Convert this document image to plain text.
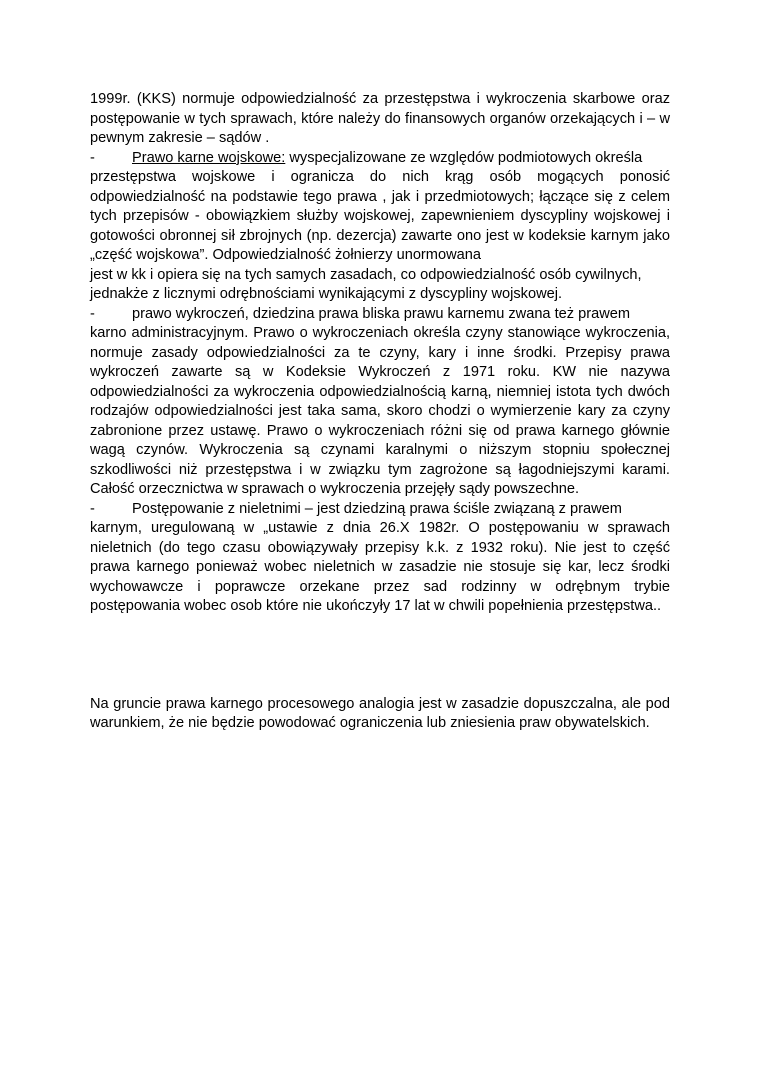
1999r. (KKS) normuje odpowiedzialność za przestępstwa i wykroczenia skarbowe oraz postępowanie w tych sprawach, które należy do finansowych organów orzekających i – w pewnym zakresie – sądów .

-	Prawo karne wojskowe: wyspecjalizowane ze względów podmiotowych określa

przestępstwa wojskowe i ogranicza do nich krąg osób mogących ponosić odpowiedzialność na podstawie tego prawa , jak i przedmiotowych; łączące się z celem tych przepisów - obowiązkiem służby wojskowej, zapewnieniem dyscypliny wojskowej i gotowości obronnej sił zbrojnych (np. dezercja) zawarte ono jest w kodeksie karnym jako „część wojskowa”. Odpowiedzialność żołnierzy unormowana

jest w kk i opiera się na tych samych zasadach, co odpowiedzialność osób cywilnych,
jednakże z licznymi odrębnościami wynikającymi z dyscypliny wojskowej.
-	prawo wykroczeń, dziedzina prawa bliska prawu karnemu zwana też prawem

karno administracyjnym. Prawo o wykroczeniach określa czyny stanowiące wykroczenia, normuje zasady odpowiedzialności za te czyny, kary i inne środki. Przepisy prawa wykroczeń zawarte są w Kodeksie Wykroczeń z 1971 roku. KW nie nazywa odpowiedzialności za wykroczenia odpowiedzialnością karną, niemniej istota tych dwóch rodzajów odpowiedzialności jest taka sama, skoro chodzi o wymierzenie kary za czyny zabronione przez ustawę. Prawo o wykroczeniach różni się od prawa karnego głównie wagą czynów. Wykroczenia są czynami karalnymi o niższym stopniu społecznej szkodliwości niż przestępstwa i w związku tym zagrożone są łagodniejszymi karami. Całość orzecznictwa w sprawach o wykroczenia przejęły sądy powszechne.

-	Postępowanie z nieletnimi – jest dziedziną prawa ściśle związaną z prawem

karnym, uregulowaną w „ustawie z dnia 26.X 1982r. O postępowaniu w sprawach nieletnich (do tego czasu obowiązywały przepisy k.k. z 1932 roku). Nie jest to część prawa karnego ponieważ wobec nieletnich w zasadzie nie stosuje się kar, lecz środki wychowawcze i poprawcze orzekane przez sad rodzinny w odrębnym trybie postępowania wobec osob które nie ukończyły 17 lat w chwili popełnienia przestępstwa..

Na gruncie prawa karnego procesowego analogia jest w zasadzie dopuszczalna, ale pod warunkiem, że nie będzie powodować ograniczenia lub zniesienia praw obywatelskich.
